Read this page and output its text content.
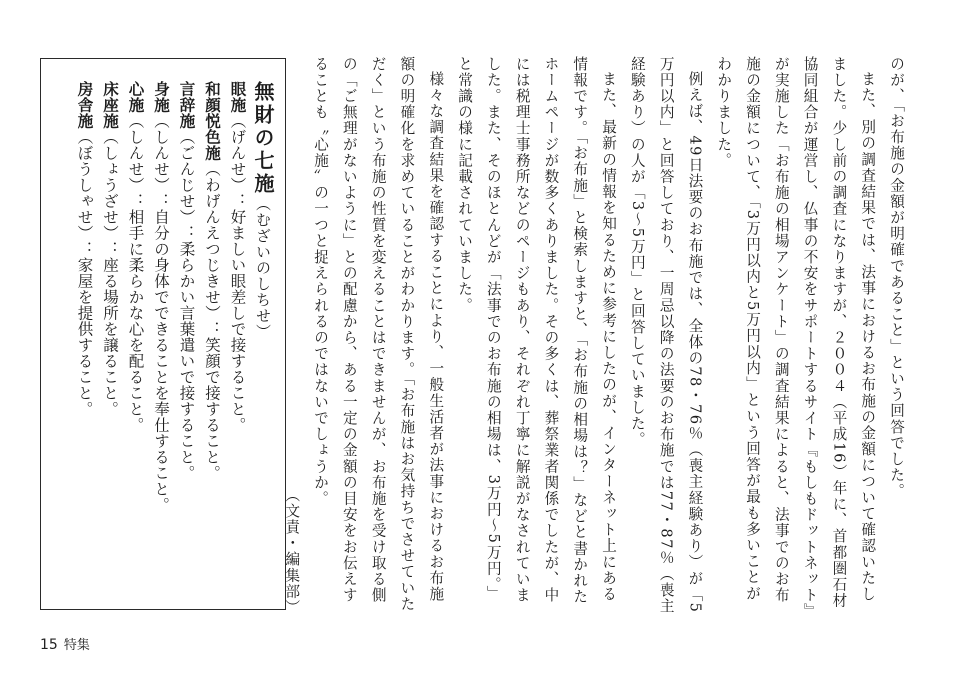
無財の七施（むざいのしちせ）
眼施（げんせ）：好ましい眼差しで接すること。
和顔悦色施（わげんえつじきせ）：笑顔で接すること。
言辞施（ごんじせ）：柔らかい言葉遣いで接すること。
身施（しんせ）：自分の身体でできることを奉仕すること。
心施（しんせ）：相手に柔らかな心を配ること。
床座施（しょうざせ）：座る場所を譲ること。
房舎施（ぼうしゃせ）：家屋を提供すること。	のが、「お布施の金額が明確であること」という回答でした。

また、別の調査結果では、法事におけるお布施の金額について確認いたしました。少し前の調査になりますが、２００４（平成16）年に、首都圏石材協同組合が運営し、仏事の不安をサポートするサイト『もしもドットネット』が実施した「お布施の相場アンケート」の調査結果によると、法事でのお布施の金額について、「3万円以内と5万円以内」という回答が最も多いことがわかりました。

例えば、49日法要のお布施では、全体の78・76％（喪主経験あり）が「5万円以内」と回答しており、一周忌以降の法要のお布施では77・87％（喪主経験あり）の人が「3～5万円」と回答していました。

また、最新の情報を知るために参考にしたのが、インターネット上にある情報です。「お布施」と検索しますと、「お布施の相場は？」などと書かれたホームページが数多くありました。その多くは、葬祭業者関係でしたが、中には税理士事務所などのページもあり、それぞれ丁寧に解説がなされていました。また、そのほとんどが「法事でのお布施の相場は、3万円～5万円。」と常識の様に記載されていました。

様々な調査結果を確認することにより、一般生活者が法事におけるお布施額の明確化を求めていることがわかります。「お布施はお気持ちでさせていただく」という布施の性質を変えることはできませんが、お布施を受け取る側の「ご無理がないように」との配慮から、ある一定の金額の目安をお伝えすることも〝心施〟の一つと捉えられるのではないでしょうか。

（文責・編集部）

15 特集
